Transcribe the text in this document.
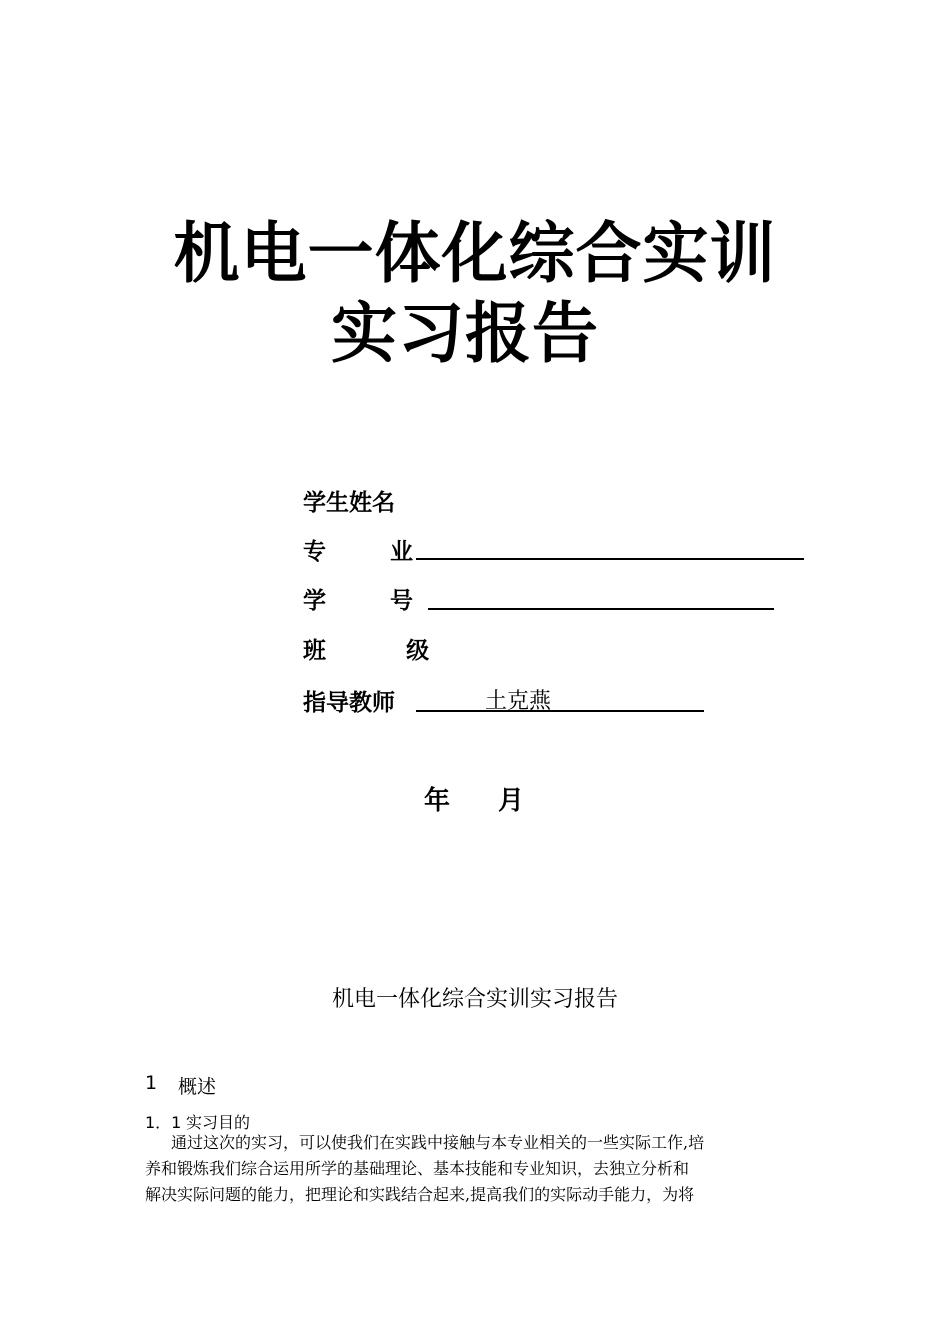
机电一体化综合实训
实习报告
学生姓名
专        业
学        号
班          级
指导教师	土克燕
年 月
机电一体化综合实训实习报告
1 概述
1．1 实习目的
通过这次的实习，可以使我们在实践中接触与本专业相关的一些实际工作,培
养和锻炼我们综合运用所学的基础理论、基本技能和专业知识，去独立分析和
解决实际问题的能力，把理论和实践结合起来,提高我们的实际动手能力，为将
